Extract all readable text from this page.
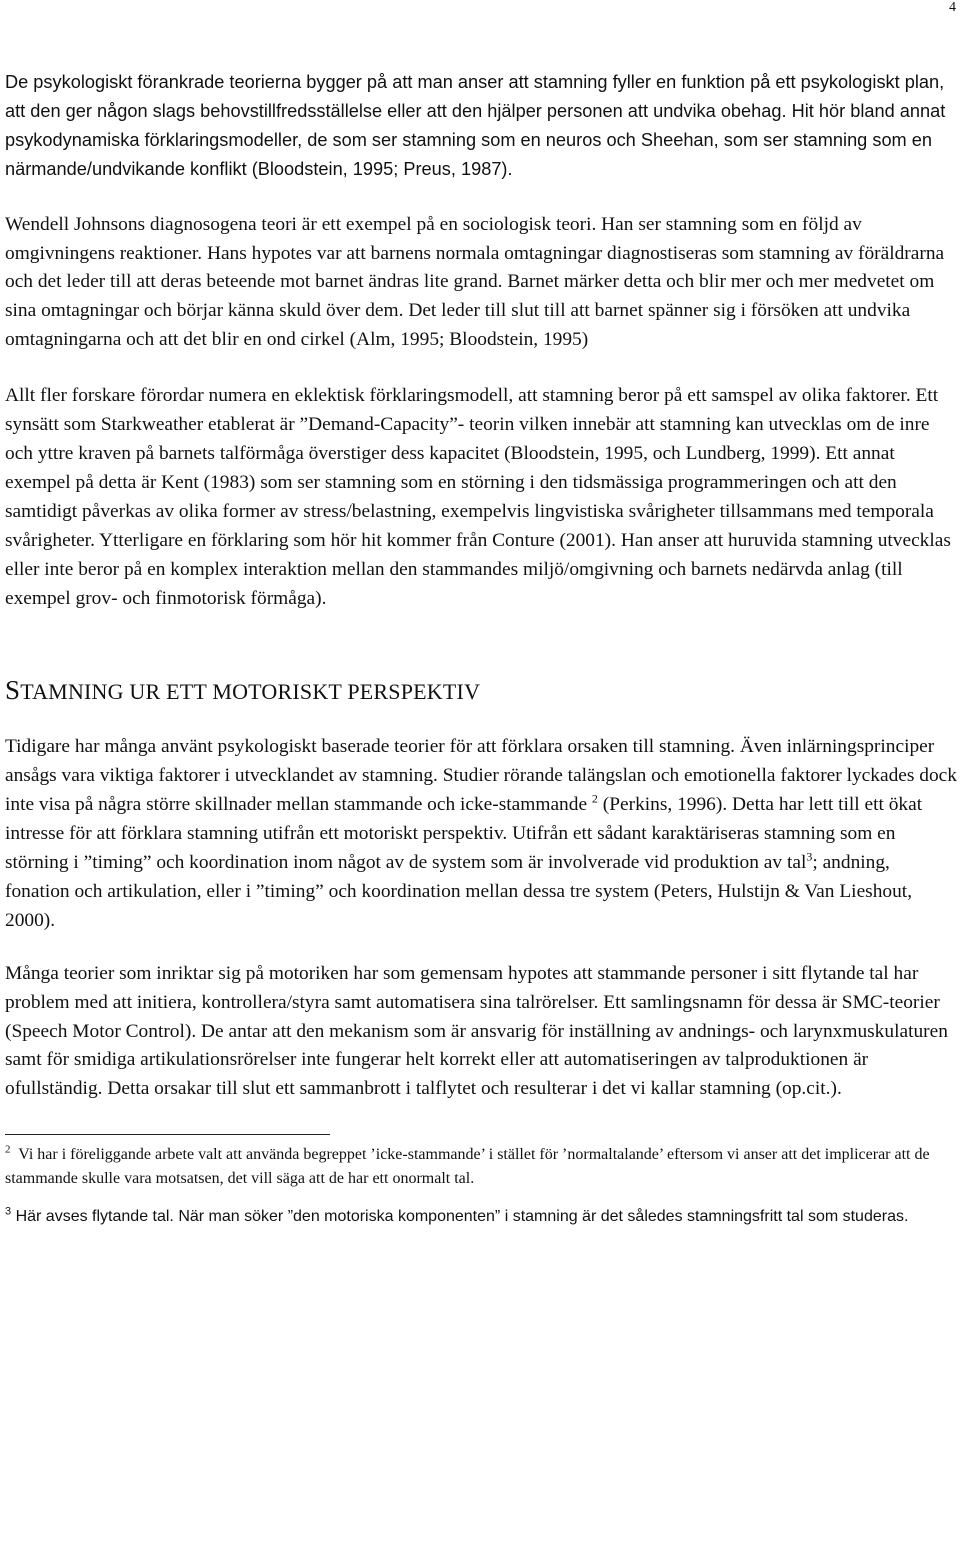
4

De psykologiskt förankrade teorierna bygger på att man anser att stamning fyller en funktion på ett psykologiskt plan, att den ger någon slags behovstillfredsställelse eller att den hjälper personen att undvika obehag. Hit hör bland annat psykodynamiska förklaringsmodeller, de som ser stamning som en neuros och Sheehan, som ser stamning som en närmande/undvikande konflikt (Bloodstein, 1995; Preus, 1987).

Wendell Johnsons diagnosogena teori är ett exempel på en sociologisk teori. Han ser stamning som en följd av omgivningens reaktioner. Hans hypotes var att barnens normala omtagningar diagnostiseras som stamning av föräldrarna och det leder till att deras beteende mot barnet ändras lite grand. Barnet märker detta och blir mer och mer medvetet om sina omtagningar och börjar känna skuld över dem. Det leder till slut till att barnet spänner sig i försöken att undvika omtagningarna och att det blir en ond cirkel (Alm, 1995; Bloodstein, 1995)

Allt fler forskare förordar numera en eklektisk förklaringsmodell, att stamning beror på ett samspel av olika faktorer. Ett synsätt som Starkweather etablerat är ”Demand-Capacity”- teorin vilken innebär att stamning kan utvecklas om de inre och yttre kraven på barnets talförmåga överstiger dess kapacitet (Bloodstein, 1995, och Lundberg, 1999). Ett annat exempel på detta är Kent (1983) som ser stamning som en störning i den tidsmässiga programmeringen och att den samtidigt påverkas av olika former av stress/belastning, exempelvis lingvistiska svårigheter tillsammans med temporala svårigheter. Ytterligare en förklaring som hör hit kommer från Conture (2001). Han anser att huruvida stamning utvecklas eller inte beror på en komplex interaktion mellan den stammandes miljö/omgivning och barnets nedärvda anlag (till exempel grov- och finmotorisk förmåga).

STAMNING UR ETT MOTORISKT PERSPEKTIV

Tidigare har många använt psykologiskt baserade teorier för att förklara orsaken till stamning. Även inlärningsprinciper ansågs vara viktiga faktorer i utvecklandet av stamning. Studier rörande talängslan och emotionella faktorer lyckades dock inte visa på några större skillnader mellan stammande och icke-stammande $^2$ (Perkins, 1996). Detta har lett till ett ökat intresse för att förklara stamning utifrån ett motoriskt perspektiv. Utifrån ett sådant karaktäriseras stamning som en störning i ”timing” och koordination inom något av de system som är involverade vid produktion av tal$^3$; andning, fonation och artikulation, eller i ”timing” och koordination mellan dessa tre system (Peters, Hulstijn & Van Lieshout, 2000).

Många teorier som inriktar sig på motoriken har som gemensam hypotes att stammande personer i sitt flytande tal har problem med att initiera, kontrollera/styra samt automatisera sina talrörelser. Ett samlingsnamn för dessa är SMC-teorier (Speech Motor Control). De antar att den mekanism som är ansvarig för inställning av andnings- och larynxmuskulaturen samt för smidiga artikulationsrörelser inte fungerar helt korrekt eller att automatiseringen av talproduktionen är ofullständig. Detta orsakar till slut ett sammanbrott i talflytet och resulterar i det vi kallar stamning (op.cit.).

$^2$ Vi har i föreliggande arbete valt att använda begreppet ’icke-stammande’ i stället för ’normaltalande’ eftersom vi anser att det implicerar att de stammande skulle vara motsatsen, det vill säga att de har ett onormalt tal.

$^3$ Här avses flytande tal. När man söker ”den motoriska komponenten” i stamning är det således stamningsfritt tal som studeras.
